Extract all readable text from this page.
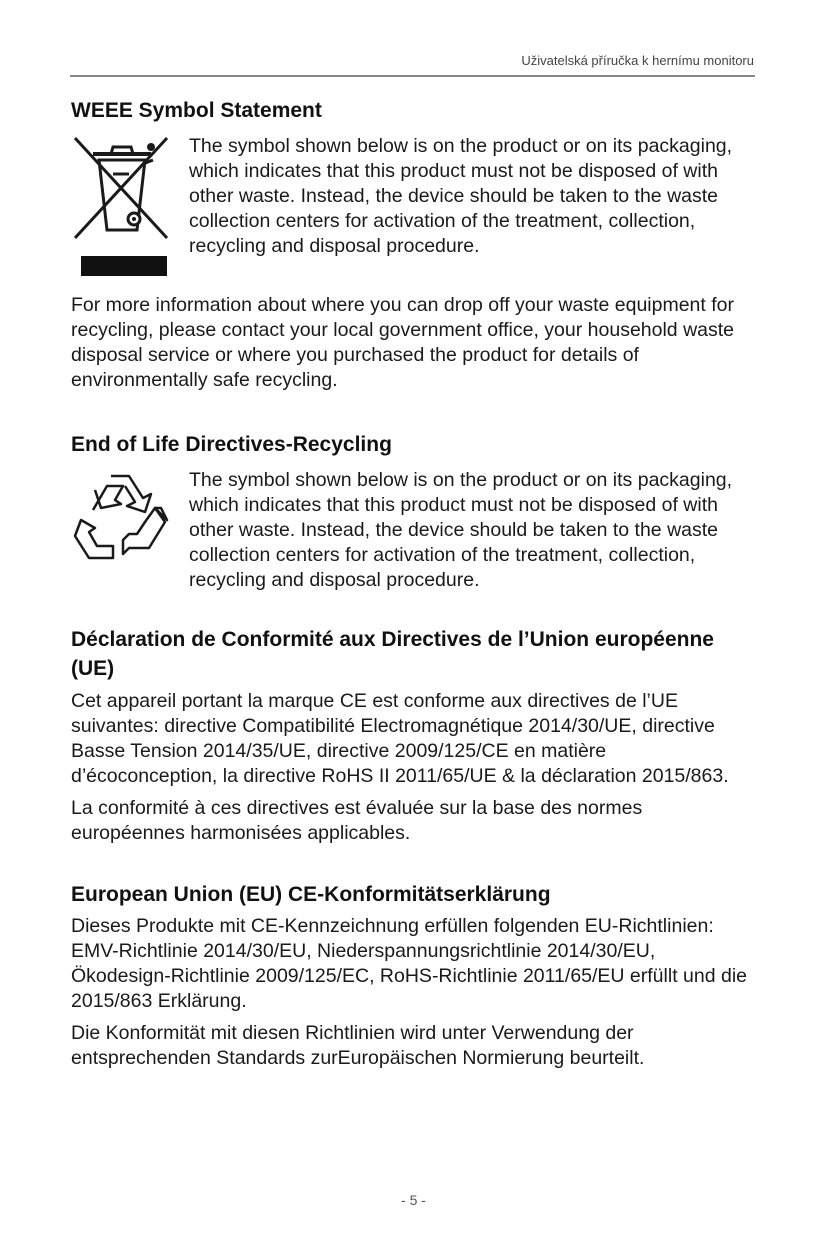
Uživatelská příručka k hernímu monitoru
WEEE Symbol Statement

The symbol shown below is on the product or on its packaging, which indicates that this product must not be disposed of with other waste. Instead, the device should be taken to the waste collection centers for activation of the treatment, collection, recycling and disposal procedure.

For more information about where you can drop off your waste equipment for recycling, please contact your local government office, your household waste disposal service or where you purchased the product for details of environmentally safe recycling.

End of Life Directives-Recycling

The symbol shown below is on the product or on its packaging, which indicates that this product must not be disposed of with other waste. Instead, the device should be taken to the waste collection centers for activation of the treatment, collection, recycling and disposal procedure.

Déclaration de Conformité aux Directives de l’Union européenne (UE)

Cet appareil portant la marque CE est conforme aux directives de l’UE suivantes: directive Compatibilité Electromagnétique 2014/30/UE, directive Basse Tension 2014/35/UE, directive 2009/125/CE en matière d’écoconception, la directive RoHS II 2011/65/UE & la déclaration 2015/863.

La conformité à ces directives est évaluée sur la base des normes européennes harmonisées applicables.

European Union (EU) CE-Konformitätserklärung

Dieses Produkte mit CE-Kennzeichnung erfüllen folgenden EU-Richtlinien: EMV-Richtlinie 2014/30/EU, Niederspannungsrichtlinie 2014/30/EU, Ökodesign-Richtlinie 2009/125/EC, RoHS-Richtlinie 2011/65/EU erfüllt und die 2015/863 Erklärung.

Die Konformität mit diesen Richtlinien wird unter Verwendung der entsprechenden Standards zurEuropäischen Normierung beurteilt.

- 5 -
